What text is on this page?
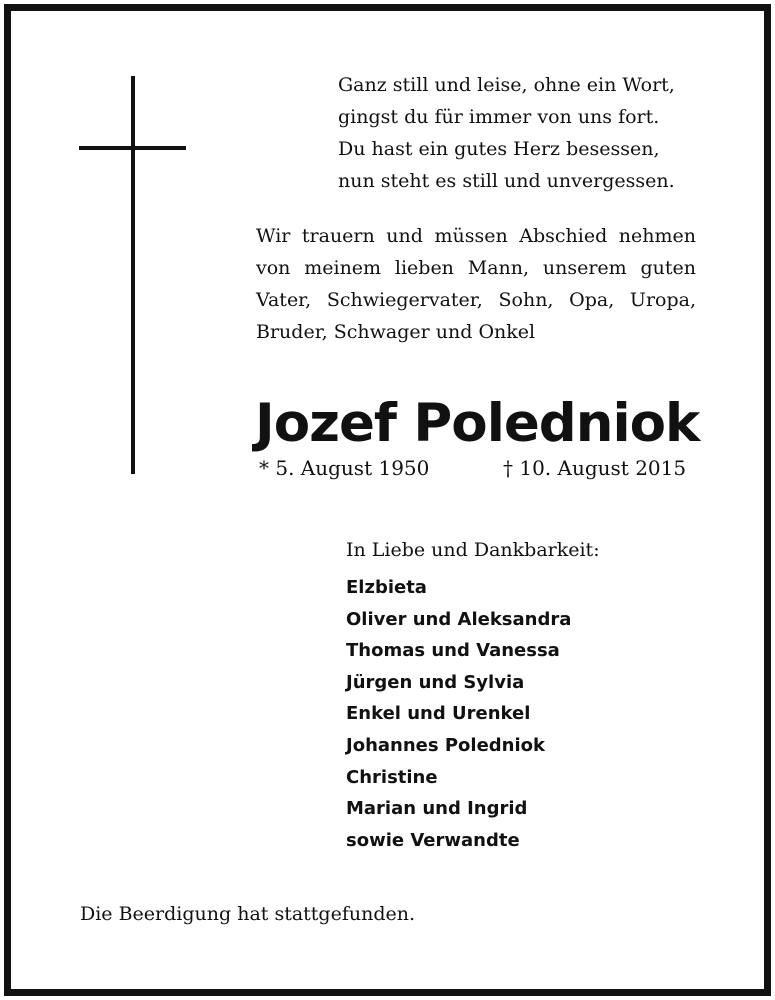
Ganz still und leise, ohne ein Wort,
gingst du für immer von uns fort.
Du hast ein gutes Herz besessen,
nun steht es still und unvergessen.
Wir trauern und müssen Abschied nehmen
von meinem lieben Mann, unserem guten
Vater, Schwiegervater, Sohn, Opa, Uropa,
Bruder, Schwager und Onkel
Jozef Poledniok
* 5. August 1950	† 10. August 2015
In Liebe und Dankbarkeit:
Elzbieta
Oliver und Aleksandra
Thomas und Vanessa
Jürgen und Sylvia
Enkel und Urenkel
Johannes Poledniok
Christine
Marian und Ingrid
sowie Verwandte
Die Beerdigung hat stattgefunden.
